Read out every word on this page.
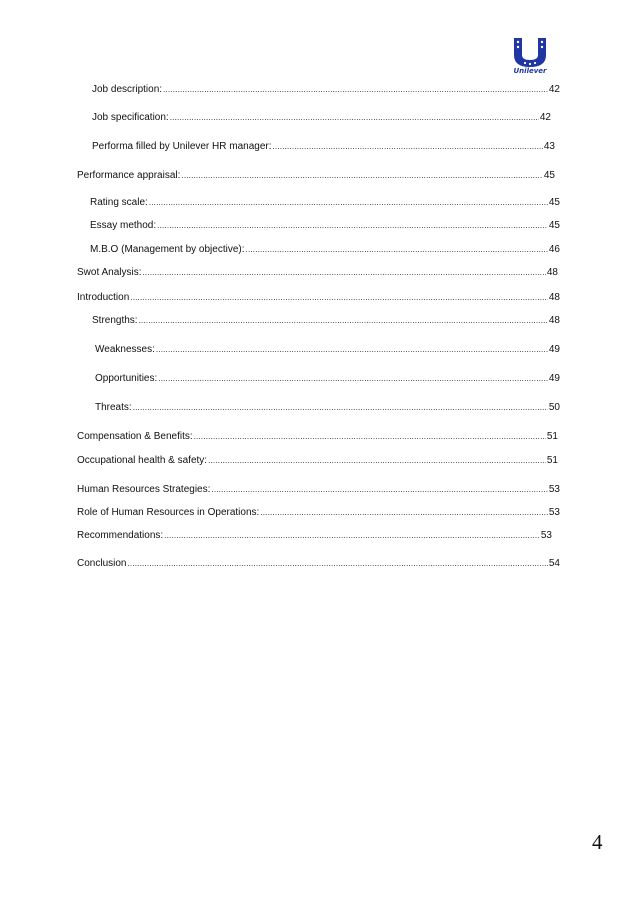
Unilever
Job description: .....	42
Job specification: .....	42
Performa filled by Unilever HR manager: .....	43
Performance appraisal: .....	45
Rating scale: .....	45
Essay method: .....	45
M.B.O (Management by objective): .....	46
Swot Analysis: .....	48
Introduction .....	48
Strengths: .....	48
Weaknesses: .....	49
Opportunities: .....	49
Threats: .....	50
Compensation & Benefits: .....	51
Occupational health & safety: .....	51
Human Resources Strategies: .....	53
Role of Human Resources in Operations: .....	53
Recommendations: .....	53
Conclusion .....	54
4
